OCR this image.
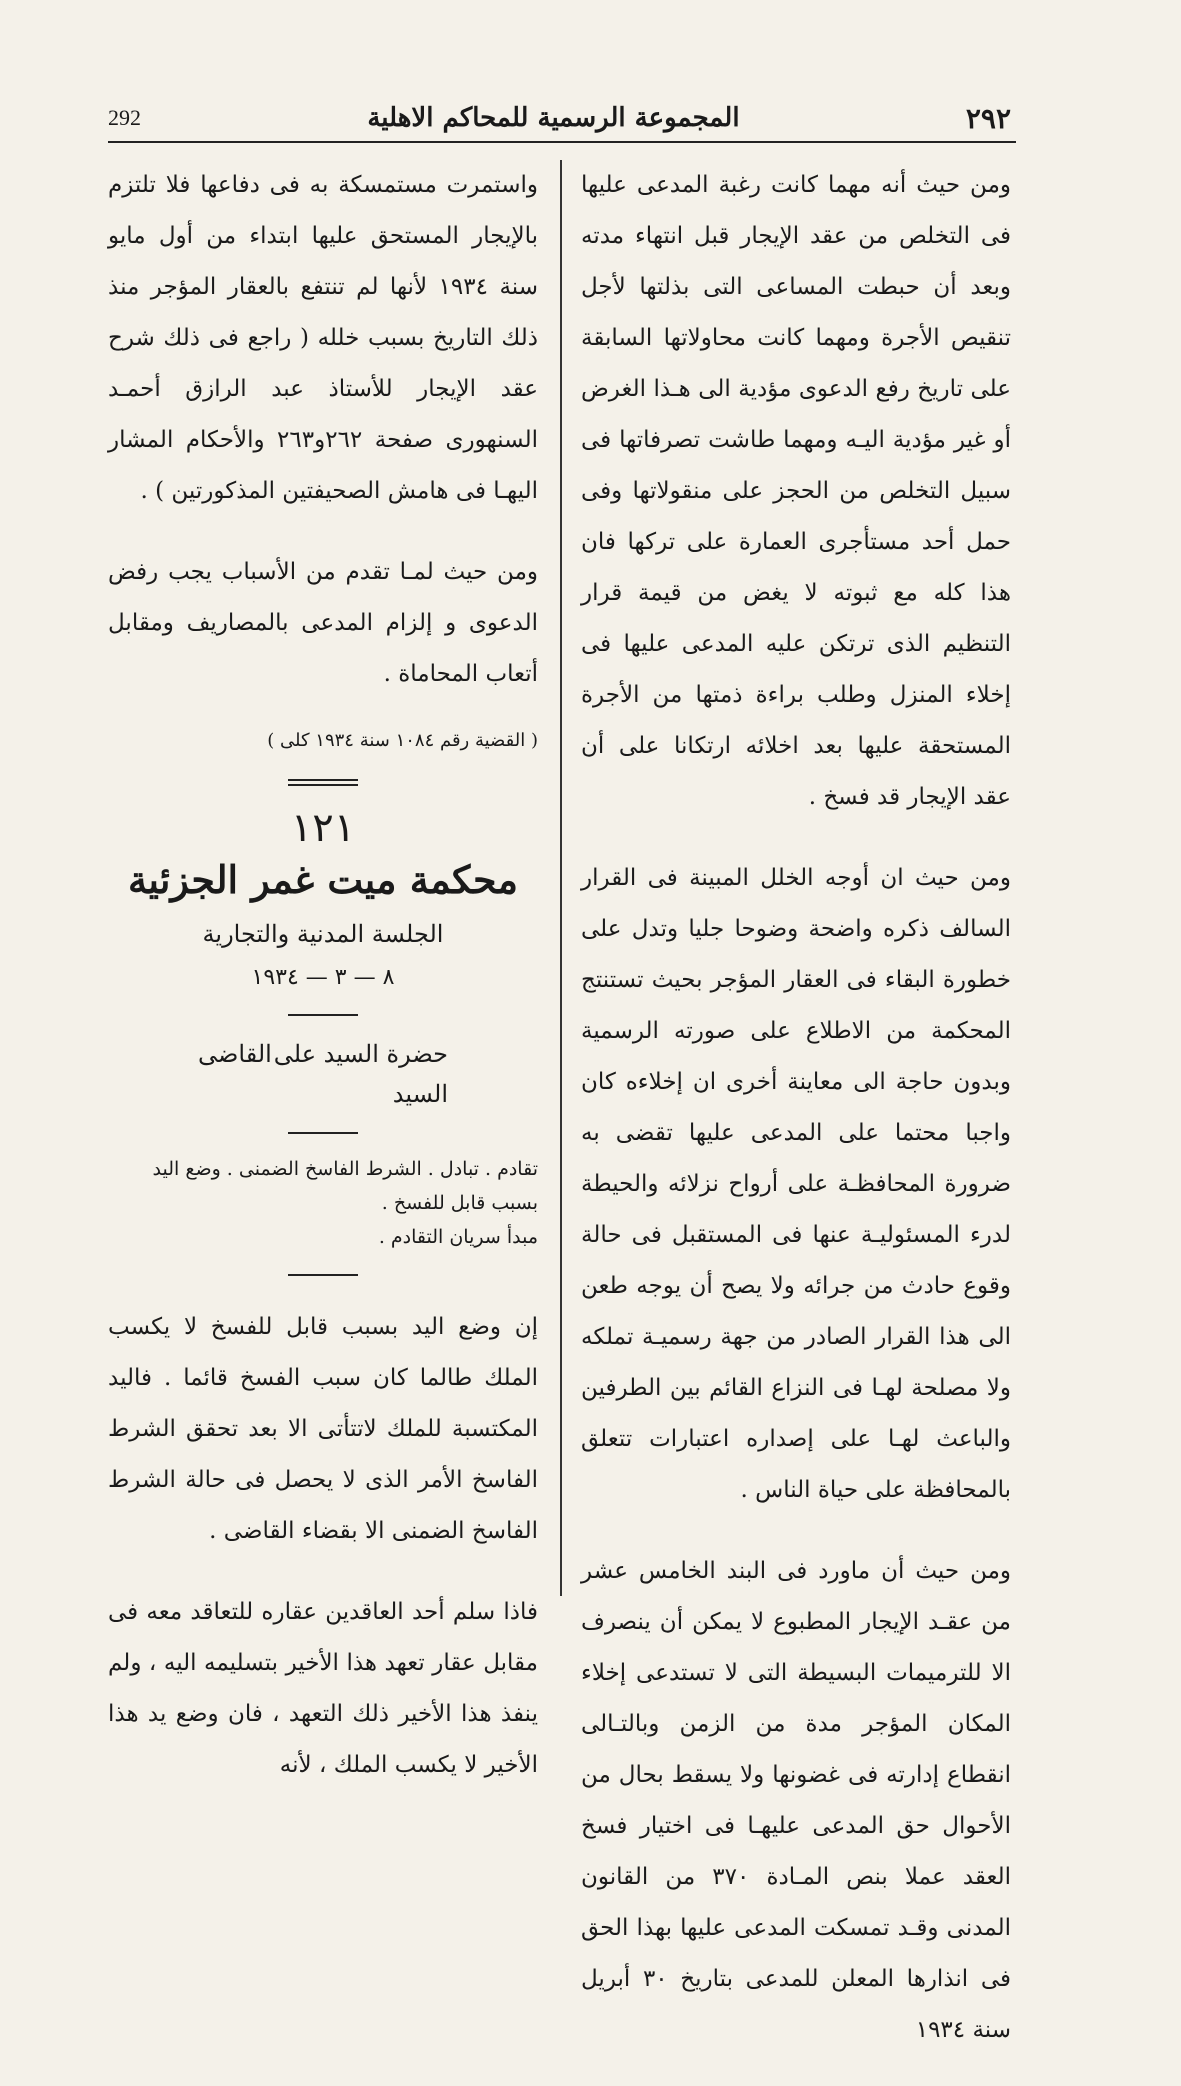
292	المجموعة الرسمية للمحاكم الاهلية	٢٩٢

ومن حيث أنه مهما كانت رغبة المدعى عليها فى التخلص من عقد الإيجار قبل انتهاء مدته وبعد أن حبطت المساعى التى بذلتها لأجل تنقيص الأجرة ومهما كانت محاولاتها السابقة على تاريخ رفع الدعوى مؤدية الى هـذا الغرض أو غير مؤدية اليـه ومهما طاشت تصرفاتها فى سبيل التخلص من الحجز على منقولاتها وفى حمل أحد مستأجرى العمارة على تركها فان هذا كله مع ثبوته لا يغض من قيمة قرار التنظيم الذى ترتكن عليه المدعى عليها فى إخلاء المنزل وطلب براءة ذمتها من الأجرة المستحقة عليها بعد اخلائه ارتكانا على أن عقد الإيجار قد فسخ .

ومن حيث ان أوجه الخلل المبينة فى القرار السالف ذكره واضحة وضوحا جليا وتدل على خطورة البقاء فى العقار المؤجر بحيث تستنتج المحكمة من الاطلاع على صورته الرسمية وبدون حاجة الى معاينة أخرى ان إخلاءه كان واجبا محتما على المدعى عليها تقضى به ضرورة المحافظـة على أرواح نزلائه والحيطة لدرء المسئوليـة عنها فى المستقبل فى حالة وقوع حادث من جرائه ولا يصح أن يوجه طعن الى هذا القرار الصادر من جهة رسميـة تملكه ولا مصلحة لهـا فى النزاع القائم بين الطرفين والباعث لهـا على إصداره اعتبارات تتعلق بالمحافظة على حياة الناس .

ومن حيث أن ماورد فى البند الخامس عشر من عقـد الإيجار المطبوع لا يمكن أن ينصرف الا للترميمات البسيطة التى لا تستدعى إخلاء المكان المؤجر مدة من الزمن وبالتـالى انقطاع إدارته فى غضونها ولا يسقط بحال من الأحوال حق المدعى عليهـا فى اختيار فسخ العقد عملا بنص المـادة ٣٧٠ من القانون المدنى وقـد تمسكت المدعى عليها بهذا الحق فى انذارها المعلن للمدعى بتاريخ ٣٠ أبريل سنة ١٩٣٤

واستمرت مستمسكة به فى دفاعها فلا تلتزم بالإيجار المستحق عليها ابتداء من أول مايو سنة ١٩٣٤ لأنها لم تنتفع بالعقار المؤجر منذ ذلك التاريخ بسبب خلله ( راجع فى ذلك شرح عقد الإيجار للأستاذ عبد الرازق أحمـد السنهورى صفحة ٢٦٢و٢٦٣ والأحكام المشار اليهـا فى هامش الصحيفتين المذكورتين ) .

ومن حيث لمـا تقدم من الأسباب يجب رفض الدعوى و إلزام المدعى بالمصاريف ومقابل أتعاب المحاماة .

( القضية رقم ١٠٨٤ سنة ١٩٣٤ كلى )

١٢١

محكمة ميت غمر الجزئية

الجلسة المدنية والتجارية

٨ — ٣ — ١٩٣٤

حضرة السيد على السيد
القاضى

تقادم . تبادل . الشرط الفاسخ الضمنى . وضع اليد بسبب قابل للفسخ .
مبدأ سريان التقادم .

إن وضع اليد بسبب قابل للفسخ لا يكسب الملك طالما كان سبب الفسخ قائما . فاليد المكتسبة للملك لاتتأتى الا بعد تحقق الشرط الفاسخ الأمر الذى لا يحصل فى حالة الشرط الفاسخ الضمنى الا بقضاء القاضى .

فاذا سلم أحد العاقدين عقاره للتعاقد معه فى مقابل عقار تعهد هذا الأخير بتسليمه اليه ، ولم ينفذ هذا الأخير ذلك التعهد ، فان وضع يد هذا الأخير لا يكسب الملك ، لأنه
